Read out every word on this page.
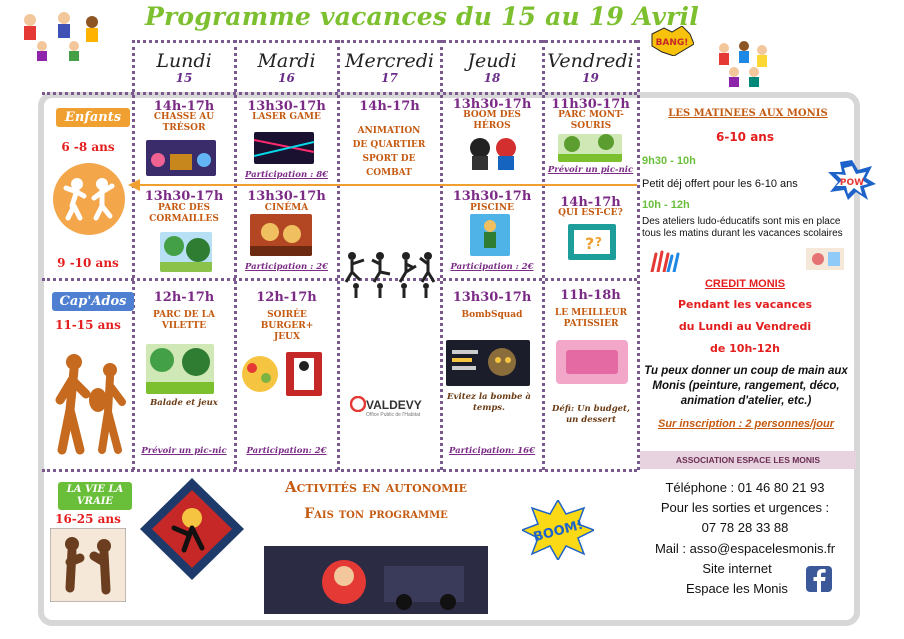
Programme vacances du 15 au 19 Avril
BANG!
Lundi
15
Mardi
16
Mercredi
17
Jeudi
18
Vendredi
19
Enfants
6 -8 ans
9 -10 ans
Cap'Ados
11-15 ans
LA VIE LA VRAIE
16-25 ans
14h-17h
CHASSE AU TRÉSOR
13h30-17h
LASER GAME
Participation : 8€
14h-17h
ANIMATION DE QUARTIER SPORT DE COMBAT
13h30-17h
BOOM DES HÉROS
11h30-17h
PARC MONT-SOURIS
Prévoir un pic-nic
13h30-17h
PARC DES CORMAILLES
13h30-17h
CINÉMA
Participation : 2€
13h30-17h
PISCINE
Participation : 2€
14h-17h
QUI EST-CE?
? ?
12h-17h
PARC DE LA VILETTE
Balade et jeux
Prévoir un pic-nic
12h-17h
SOIRÉE BURGER+ JEUX
Participation: 2€
VALDEVY
Office Public de l'Habitat
13h30-17h
BombSquad
Evitez la bombe à temps.
Participation: 16€
11h-18h
LE MEILLEUR PATISSIER
Défi: Un budget, un dessert
Activités en autonomie
Fais ton programme
BOOM!
LES MATINEES AUX MONIS
6-10 ans
9h30 - 10h
Petit déj offert pour les 6-10 ans
10h - 12h
Des ateliers ludo-éducatifs sont mis en place tous les matins durant les vacances scolaires
POW
CREDIT MONIS
Pendant les vacances
du Lundi au Vendredi
de 10h-12h
Tu peux donner un coup de main aux Monis (peinture, rangement, déco, animation d'atelier, etc.)
Sur inscription : 2 personnes/jour
ASSOCIATION ESPACE LES MONIS
Téléphone : 01 46 80 21 93
Pour les sorties et urgences :
07 78 28 33 88
Mail : asso@espacelesmonis.fr
Site internet
Espace les Monis
